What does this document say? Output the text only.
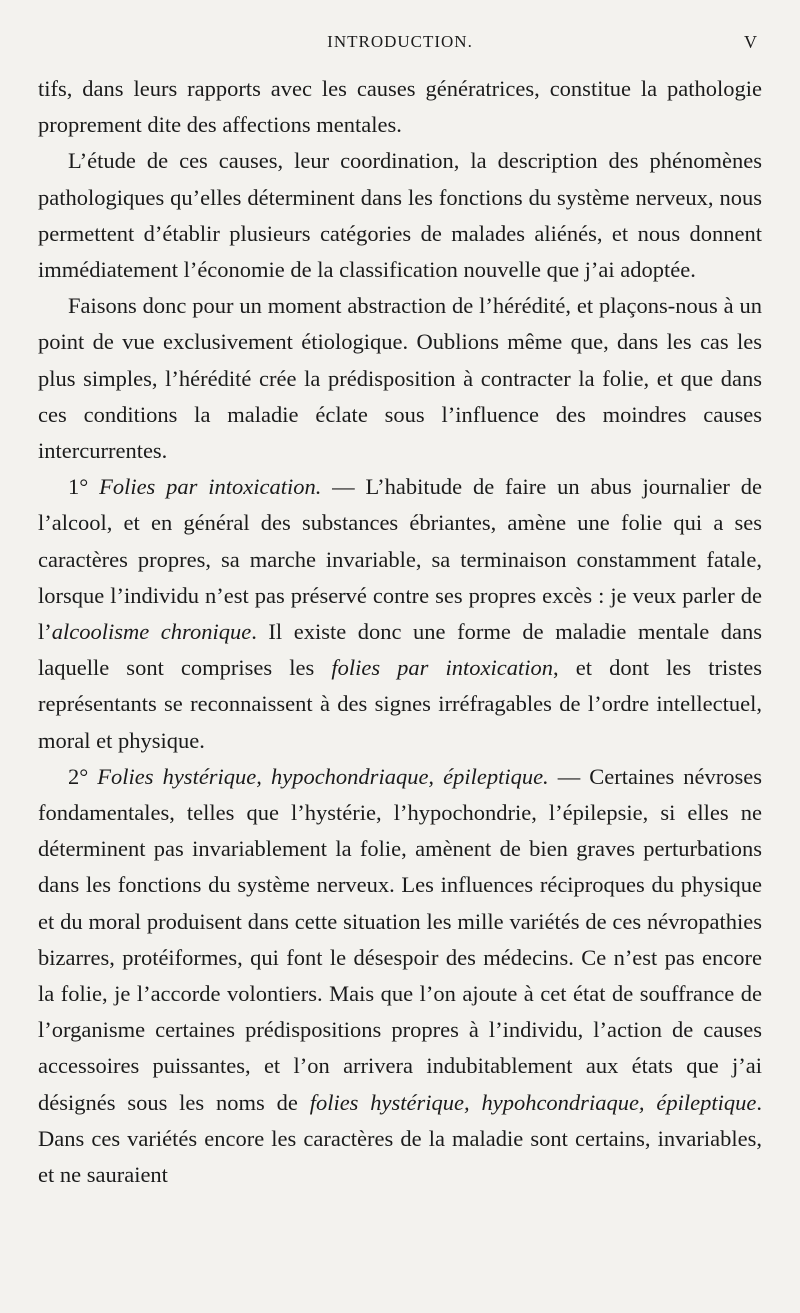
INTRODUCTION.	V

tifs, dans leurs rapports avec les causes génératrices, constitue la pathologie proprement dite des affections mentales.

L’étude de ces causes, leur coordination, la description des phénomènes pathologiques qu’elles déterminent dans les fonctions du système nerveux, nous permettent d’établir plusieurs catégories de malades aliénés, et nous donnent immédiatement l’économie de la classification nouvelle que j’ai adoptée.

Faisons donc pour un moment abstraction de l’hérédité, et plaçons-nous à un point de vue exclusivement étiologique. Oublions même que, dans les cas les plus simples, l’hérédité crée la prédisposition à contracter la folie, et que dans ces conditions la maladie éclate sous l’influence des moindres causes intercurrentes.

1° Folies par intoxication. — L’habitude de faire un abus journalier de l’alcool, et en général des substances ébriantes, amène une folie qui a ses caractères propres, sa marche invariable, sa terminaison constamment fatale, lorsque l’individu n’est pas préservé contre ses propres excès : je veux parler de l’alcoolisme chronique. Il existe donc une forme de maladie mentale dans laquelle sont comprises les folies par intoxication, et dont les tristes représentants se reconnaissent à des signes irréfragables de l’ordre intellectuel, moral et physique.

2° Folies hystérique, hypochondriaque, épileptique. — Certaines névroses fondamentales, telles que l’hystérie, l’hypochondrie, l’épilepsie, si elles ne déterminent pas invariablement la folie, amènent de bien graves perturbations dans les fonctions du système nerveux. Les influences réciproques du physique et du moral produisent dans cette situation les mille variétés de ces névropathies bizarres, protéiformes, qui font le désespoir des médecins. Ce n’est pas encore la folie, je l’accorde volontiers. Mais que l’on ajoute à cet état de souffrance de l’organisme certaines prédispositions propres à l’individu, l’action de causes accessoires puissantes, et l’on arrivera indubitablement aux états que j’ai désignés sous les noms de folies hystérique, hypohcondriaque, épileptique. Dans ces variétés encore les caractères de la maladie sont certains, invariables, et ne sauraient
